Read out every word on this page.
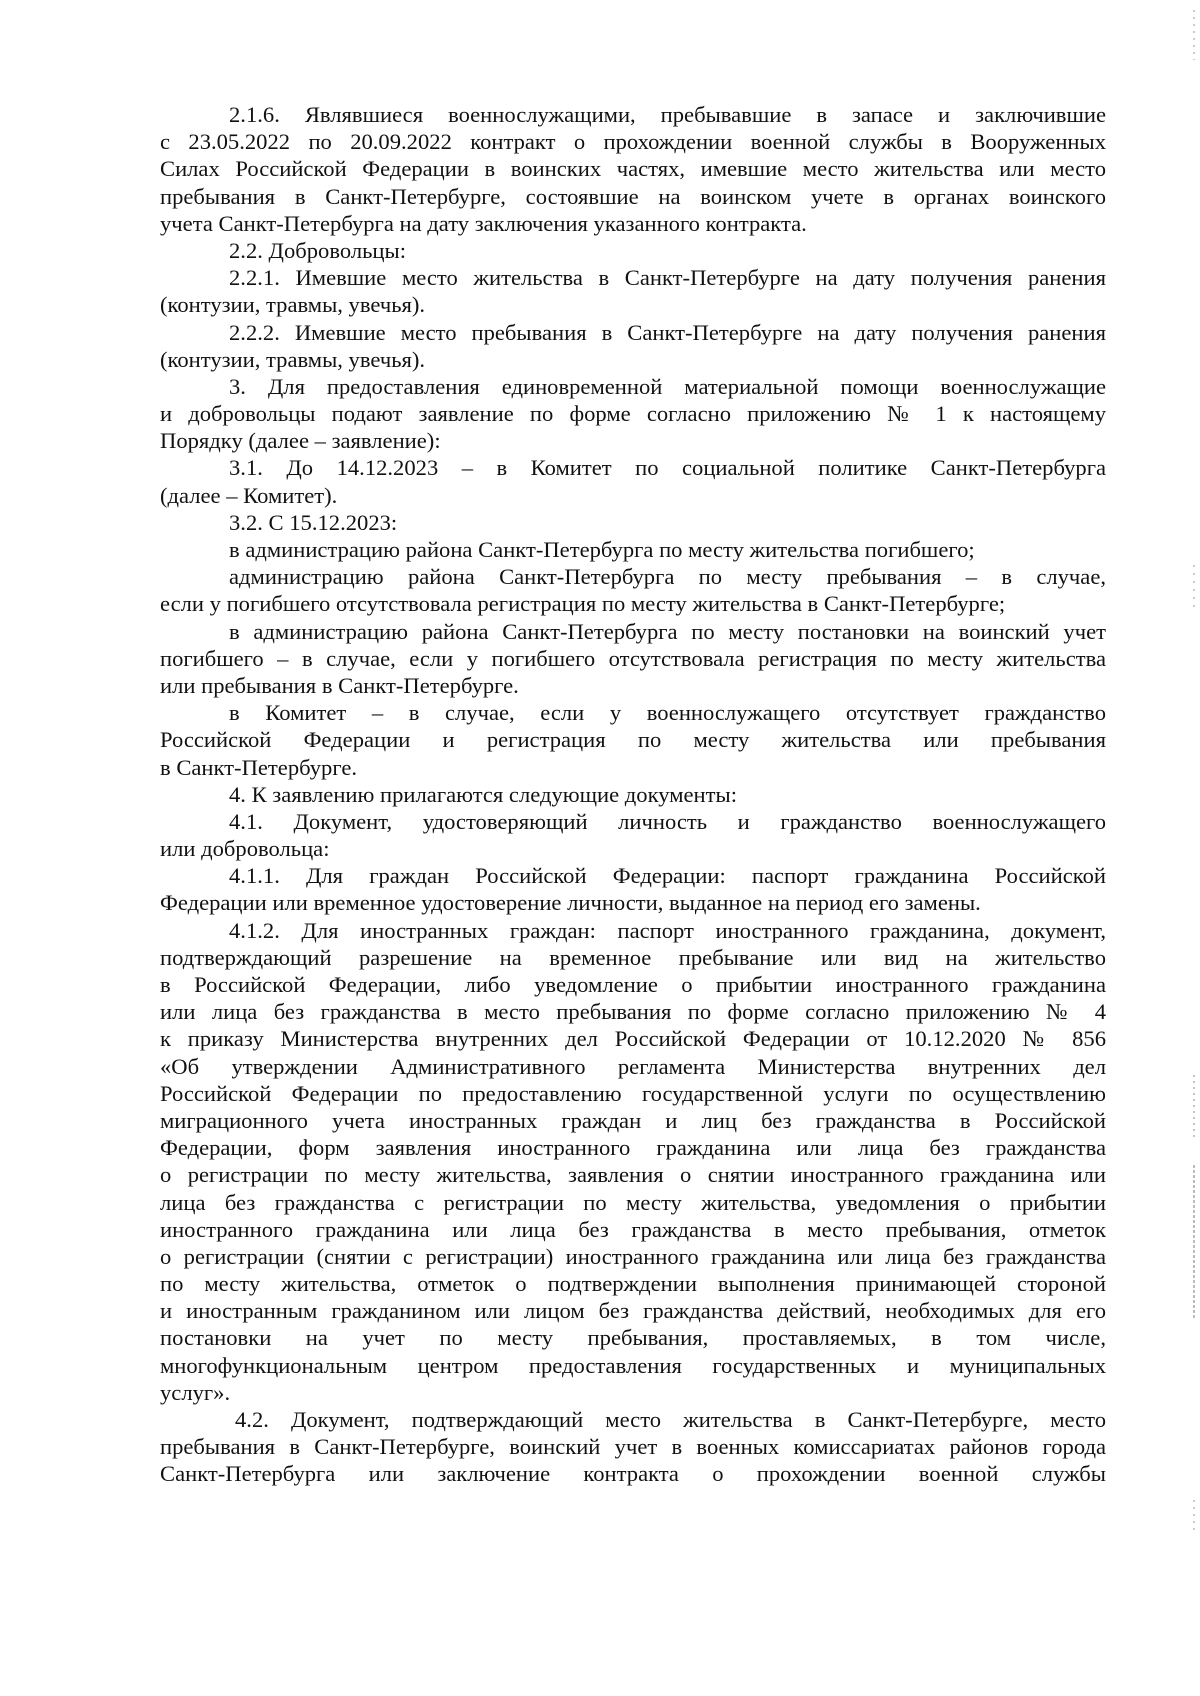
2.1.6. Являвшиеся военнослужащими, пребывавшие в запасе и заключившие
с 23.05.2022 по 20.09.2022 контракт о прохождении военной службы в Вооруженных
Силах Российской Федерации в воинских частях, имевшие место жительства или место
пребывания в Санкт-Петербурге, состоявшие на воинском учете в органах воинского
учета Санкт-Петербурга на дату заключения указанного контракта.
2.2. Добровольцы:
2.2.1. Имевшие место жительства в Санкт-Петербурге на дату получения ранения
(контузии, травмы, увечья).
2.2.2. Имевшие место пребывания в Санкт-Петербурге на дату получения ранения
(контузии, травмы, увечья).
3. Для предоставления единовременной материальной помощи военнослужащие
и добровольцы подают заявление по форме согласно приложению № 1 к настоящему
Порядку (далее – заявление):
3.1. До 14.12.2023 – в Комитет по социальной политике Санкт-Петербурга
(далее – Комитет).
3.2. С 15.12.2023:
в администрацию района Санкт-Петербурга по месту жительства погибшего;
администрацию района Санкт-Петербурга по месту пребывания – в случае,
если у погибшего отсутствовала регистрация по месту жительства в Санкт-Петербурге;
в администрацию района Санкт-Петербурга по месту постановки на воинский учет
погибшего – в случае, если у погибшего отсутствовала регистрация по месту жительства
или пребывания в Санкт-Петербурге.
в Комитет – в случае, если у военнослужащего отсутствует гражданство
Российской Федерации и регистрация по месту жительства или пребывания
в Санкт-Петербурге.
4. К заявлению прилагаются следующие документы:
4.1. Документ, удостоверяющий личность и гражданство военнослужащего
или добровольца:
4.1.1. Для граждан Российской Федерации: паспорт гражданина Российской
Федерации или временное удостоверение личности, выданное на период его замены.
4.1.2. Для иностранных граждан: паспорт иностранного гражданина, документ,
подтверждающий разрешение на временное пребывание или вид на жительство
в Российской Федерации, либо уведомление о прибытии иностранного гражданина
или лица без гражданства в место пребывания по форме согласно приложению № 4
к приказу Министерства внутренних дел Российской Федерации от 10.12.2020 № 856
«Об утверждении Административного регламента Министерства внутренних дел
Российской Федерации по предоставлению государственной услуги по осуществлению
миграционного учета иностранных граждан и лиц без гражданства в Российской
Федерации, форм заявления иностранного гражданина или лица без гражданства
о регистрации по месту жительства, заявления о снятии иностранного гражданина или
лица без гражданства с регистрации по месту жительства, уведомления о прибытии
иностранного гражданина или лица без гражданства в место пребывания, отметок
о регистрации (снятии с регистрации) иностранного гражданина или лица без гражданства
по месту жительства, отметок о подтверждении выполнения принимающей стороной
и иностранным гражданином или лицом без гражданства действий, необходимых для его
постановки на учет по месту пребывания, проставляемых, в том числе,
многофункциональным центром предоставления государственных и муниципальных
услуг».
4.2. Документ, подтверждающий место жительства в Санкт-Петербурге, место
пребывания в Санкт-Петербурге, воинский учет в военных комиссариатах районов города
Санкт-Петербурга или заключение контракта о прохождении военной службы
